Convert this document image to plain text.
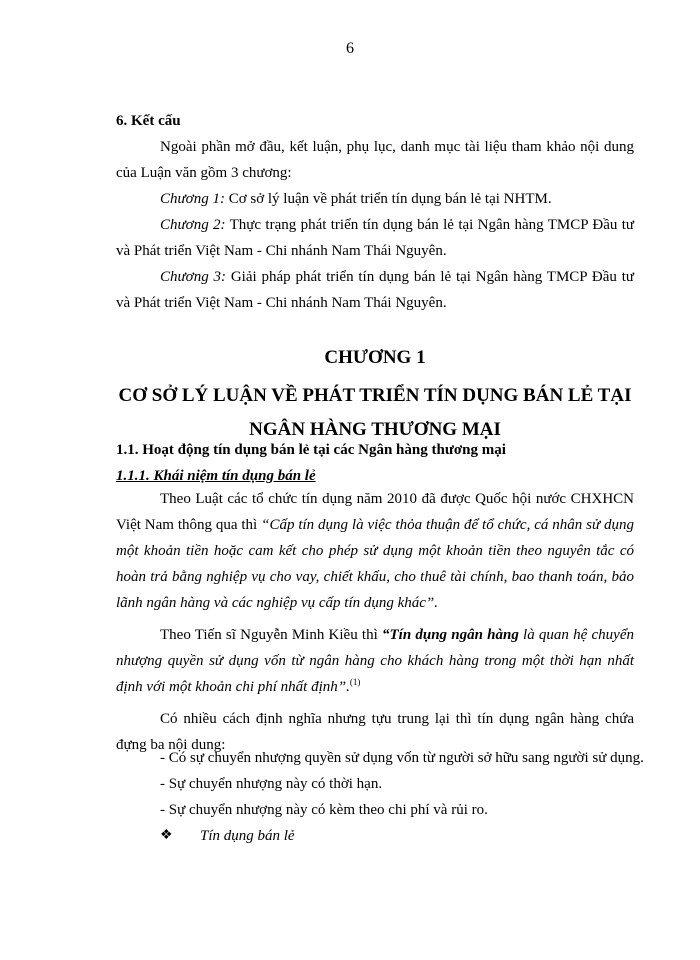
6
6. Kết cấu
Ngoài phần mở đầu, kết luận, phụ lục, danh mục tài liệu tham khảo nội dung của Luận văn gồm 3 chương:
Chương 1: Cơ sở lý luận về phát triển tín dụng bán lẻ tại NHTM.
Chương 2: Thực trạng phát triển tín dụng bán lẻ tại Ngân hàng TMCP Đầu tư và Phát triển Việt Nam - Chi nhánh Nam Thái Nguyên.
Chương 3: Giải pháp phát triển tín dụng bán lẻ tại Ngân hàng TMCP Đầu tư và Phát triển Việt Nam - Chi nhánh Nam Thái Nguyên.
CHƯƠNG 1
CƠ SỞ LÝ LUẬN VỀ PHÁT TRIỂN TÍN DỤNG BÁN LẺ TẠI
NGÂN HÀNG THƯƠNG MẠI
1.1. Hoạt động tín dụng bán lẻ tại các Ngân hàng thương mại
1.1.1. Khái niệm tín dụng bán lẻ
Theo Luật các tổ chức tín dụng năm 2010 đã được Quốc hội nước CHXHCN Việt Nam thông qua thì “Cấp tín dụng là việc thỏa thuận để tổ chức, cá nhân sử dụng một khoản tiền hoặc cam kết cho phép sử dụng một khoản tiền theo nguyên tắc có hoàn trả bằng nghiệp vụ cho vay, chiết khấu, cho thuê tài chính, bao thanh toán, bảo lãnh ngân hàng và các nghiệp vụ cấp tín dụng khác”.
Theo Tiến sĩ Nguyễn Minh Kiều thì “Tín dụng ngân hàng là quan hệ chuyển nhượng quyền sử dụng vốn từ ngân hàng cho khách hàng trong một thời hạn nhất định với một khoản chi phí nhất định”.$^{(1)}$
Có nhiều cách định nghĩa nhưng tựu trung lại thì tín dụng ngân hàng chứa đựng ba nội dung:
- Có sự chuyển nhượng quyền sử dụng vốn từ người sở hữu sang người sử dụng.
- Sự chuyển nhượng này có thời hạn.
- Sự chuyển nhượng này có kèm theo chi phí và rủi ro.
❖ Tín dụng bán lẻ
